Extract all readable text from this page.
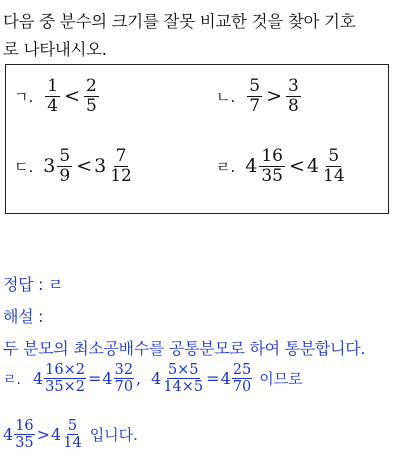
다음 중 분수의 크기를 잘못 비교한 것을 찾아 기호
로 나타내시오.
ㄱ. $\frac{1}{4} < \frac{2}{5}$	ㄴ. $\frac{5}{7} > \frac{3}{8}$
ㄷ. $3 \frac{5}{9} < 3 \frac{7}{12}$	ㄹ. $4 \frac{16}{35} < 4 \frac{5}{14}$
정답 : ㄹ
해설 :
두 분모의 최소공배수를 공통분모로 하여 통분합니다.
ㄹ. $4 \frac{16\times 2}{35\times 2} = 4 \frac{32}{70}$ , $4 \frac{5\times 5}{14\times 5} = 4 \frac{25}{70}$ 이므로
$4 \frac{16}{35} > 4 \frac{5}{14}$ 입니다.
